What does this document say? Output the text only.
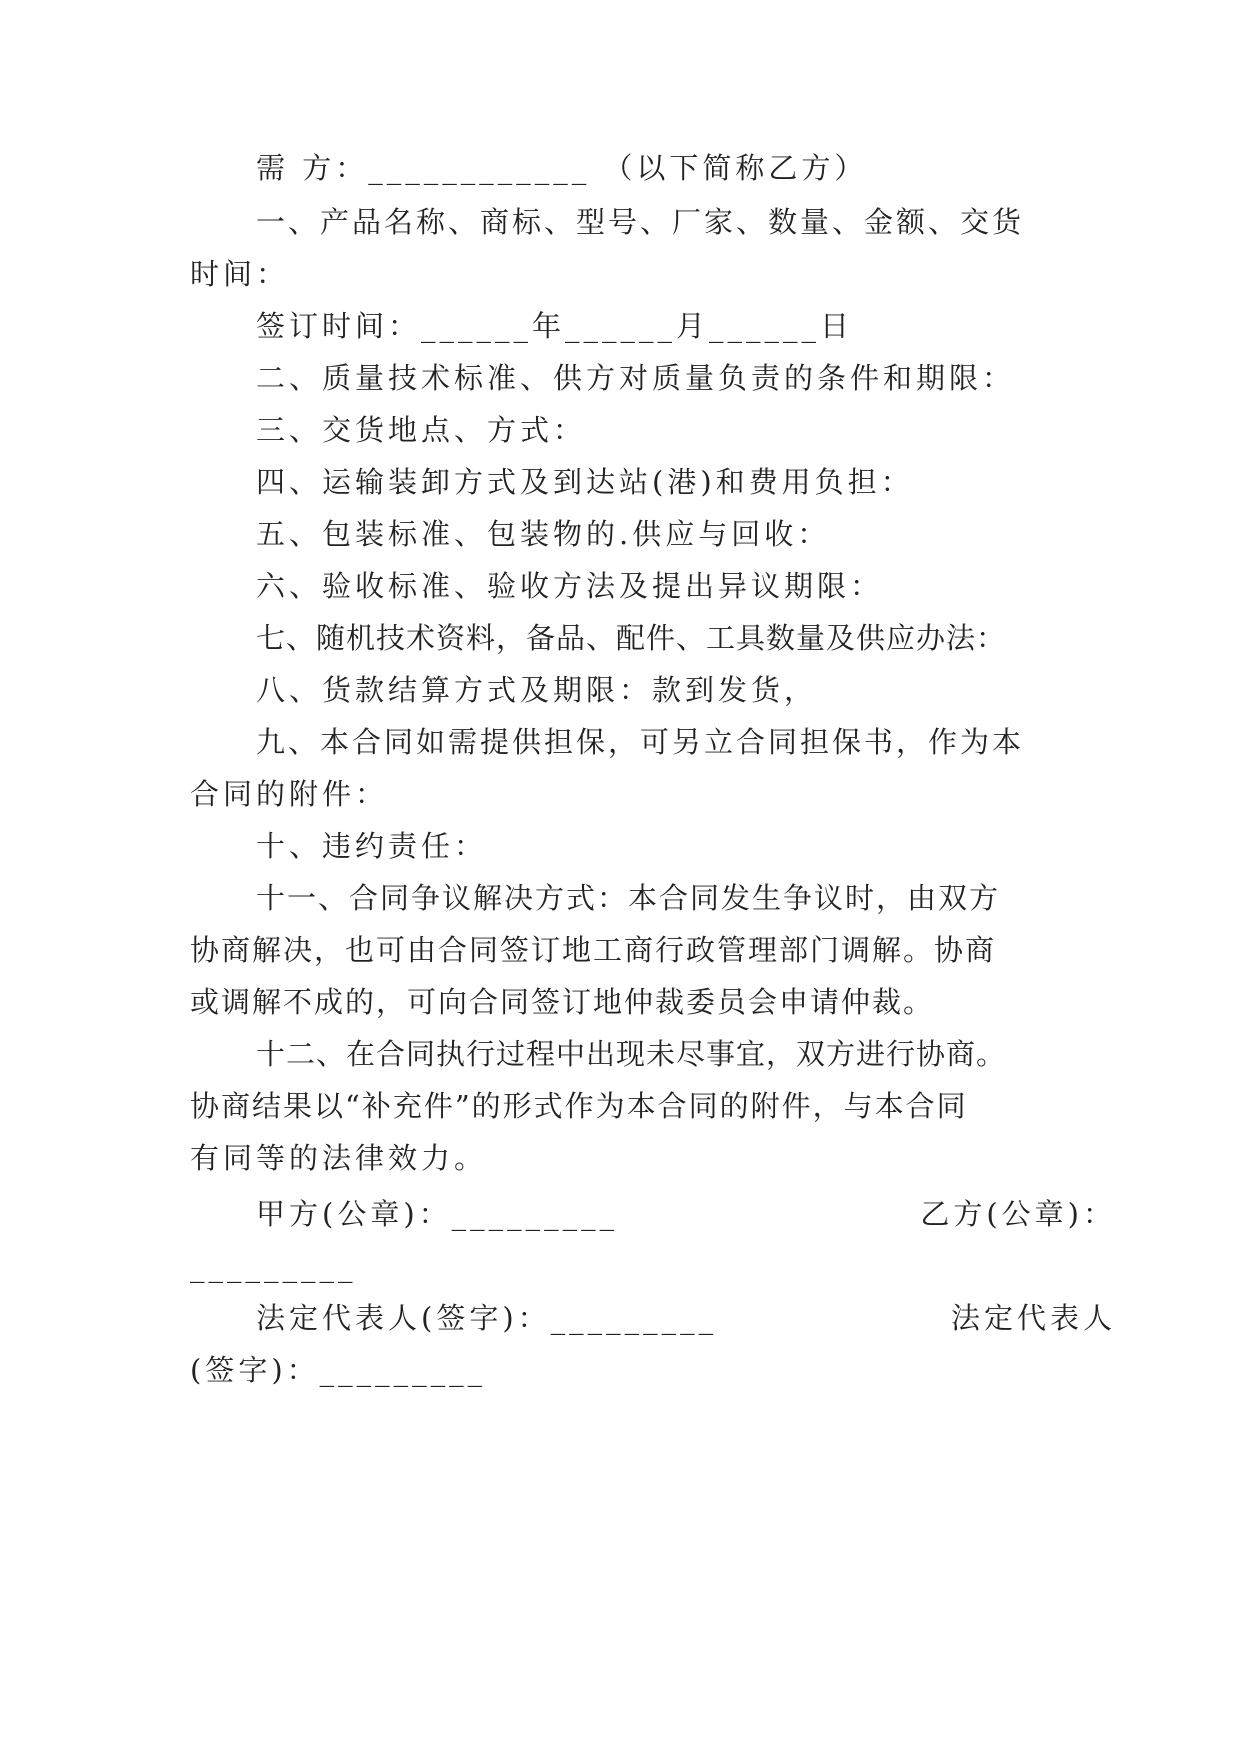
需 方：____________ （以下简称乙方）
一、产品名称、商标、型号、厂家、数量、金额、交货
时间：
签订时间：______年______月______日
二、质量技术标准、供方对质量负责的条件和期限：
三、交货地点、方式：
四、运输装卸方式及到达站(港)和费用负担：
五、包装标准、包装物的.供应与回收：
六、验收标准、验收方法及提出异议期限：
七、随机技术资料，备品、配件、工具数量及供应办法：
八、货款结算方式及期限：款到发货，
九、本合同如需提供担保，可另立合同担保书，作为本
合同的附件：
十、违约责任：
十一、合同争议解决方式：本合同发生争议时，由双方
协商解决，也可由合同签订地工商行政管理部门调解。协商
或调解不成的，可向合同签订地仲裁委员会申请仲裁。
十二、在合同执行过程中出现未尽事宜，双方进行协商。
协商结果以“补充件”的形式作为本合同的附件，与本合同
有同等的法律效力。
甲方(公章)：_________	乙方(公章)：
_________
法定代表人(签字)：_________	法定代表人
(签字)：_________
